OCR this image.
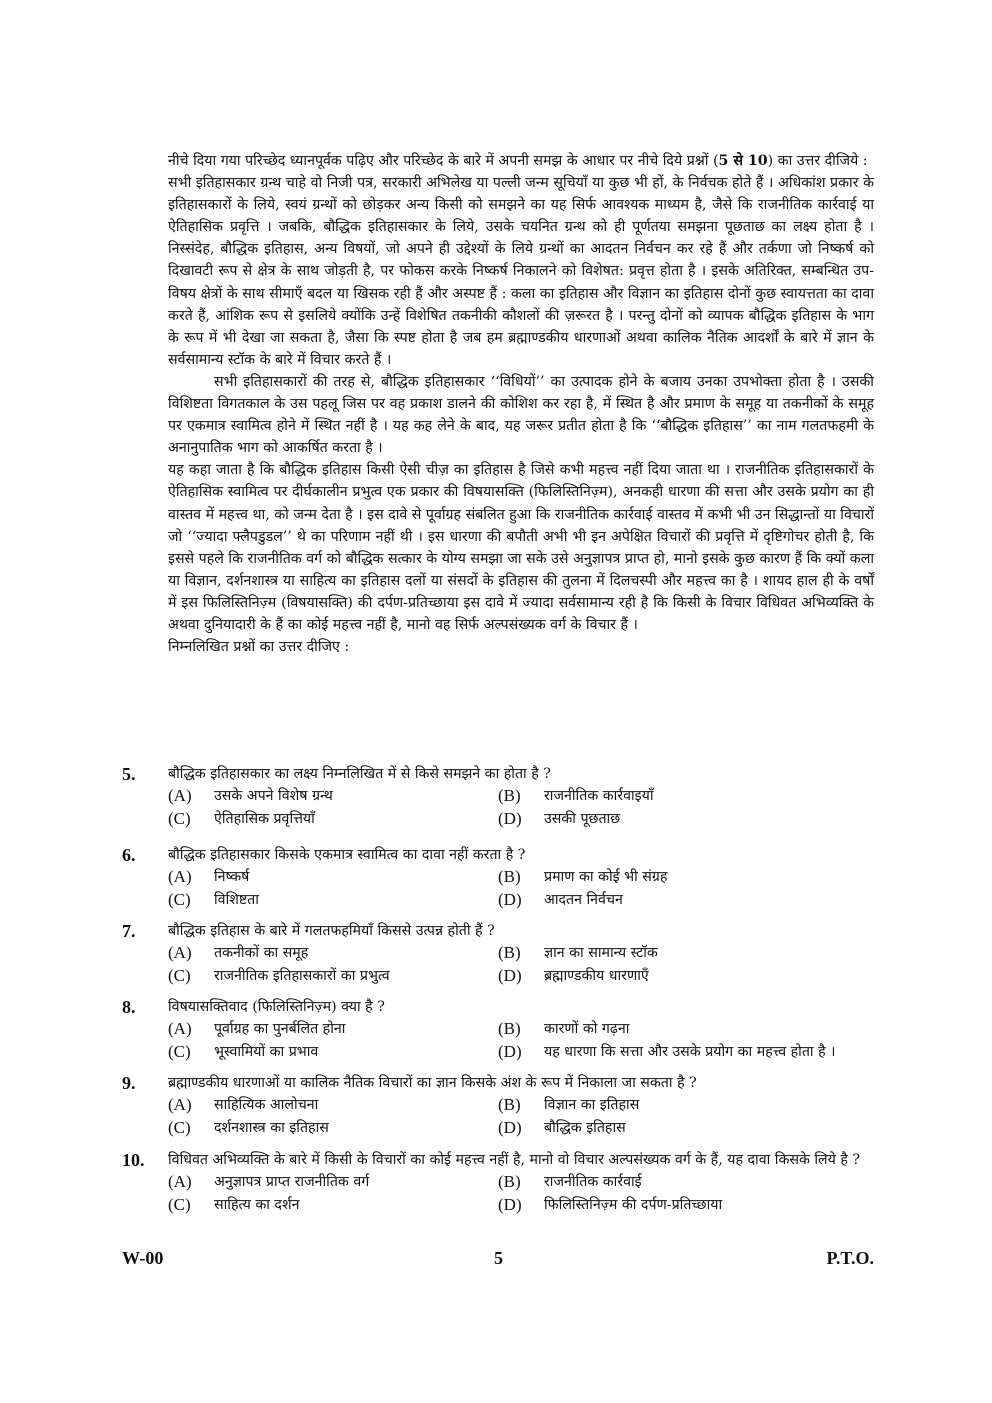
नीचे दिया गया परिच्छेद ध्यानपूर्वक पढ़िए और परिच्छेद के बारे में अपनी समझ के आधार पर नीचे दिये प्रश्नों (5 से 10) का उत्तर दीजिये :

सभी इतिहासकार ग्रन्थ चाहे वो निजी पत्र, सरकारी अभिलेख या पल्ली जन्म सूचियाँ या कुछ भी हों, के निर्वचक होते हैं । अधिकांश प्रकार के इतिहासकारों के लिये, स्वयं ग्रन्थों को छोड़कर अन्य किसी को समझने का यह सिर्फ आवश्यक माध्यम है, जैसे कि राजनीतिक कार्रवाई या ऐतिहासिक प्रवृत्ति । जबकि, बौद्धिक इतिहासकार के लिये, उसके चयनित ग्रन्थ को ही पूर्णतया समझना पूछताछ का लक्ष्य होता है । निस्संदेह, बौद्धिक इतिहास, अन्य विषयों, जो अपने ही उद्देश्यों के लिये ग्रन्थों का आदतन निर्वचन कर रहे हैं और तर्कणा जो निष्कर्ष को दिखावटी रूप से क्षेत्र के साथ जोड़ती है, पर फोकस करके निष्कर्ष निकालने को विशेषत: प्रवृत्त होता है । इसके अतिरिक्त, सम्बन्धित उप-विषय क्षेत्रों के साथ सीमाएँ बदल या खिसक रही हैं और अस्पष्ट हैं : कला का इतिहास और विज्ञान का इतिहास दोनों कुछ स्वायत्तता का दावा करते हैं, आंशिक रूप से इसलिये क्योंकि उन्हें विशेषित तकनीकी कौशलों की ज़रूरत है । परन्तु दोनों को व्यापक बौद्धिक इतिहास के भाग के रूप में भी देखा जा सकता है, जैसा कि स्पष्ट होता है जब हम ब्रह्माण्डकीय धारणाओं अथवा कालिक नैतिक आदर्शों के बारे में ज्ञान के सर्वसामान्य स्टॉक के बारे में विचार करते हैं ।

सभी इतिहासकारों की तरह से, बौद्धिक इतिहासकार ‘‘विधियों’’ का उत्पादक होने के बजाय उनका उपभोक्ता होता है । उसकी विशिष्टता विगतकाल के उस पहलू जिस पर वह प्रकाश डालने की कोशिश कर रहा है, में स्थित है और प्रमाण के समूह या तकनीकों के समूह पर एकमात्र स्वामित्व होने में स्थित नहीं है । यह कह लेने के बाद, यह जरूर प्रतीत होता है कि ‘‘बौद्धिक इतिहास’’ का नाम गलतफहमी के अनानुपातिक भाग को आकर्षित करता है ।

यह कहा जाता है कि बौद्धिक इतिहास किसी ऐसी चीज़ का इतिहास है जिसे कभी महत्त्व नहीं दिया जाता था । राजनीतिक इतिहासकारों के ऐतिहासिक स्वामित्व पर दीर्घकालीन प्रभुत्व एक प्रकार की विषयासक्ति (फिलिस्तिनिज़्म), अनकही धारणा की सत्ता और उसके प्रयोग का ही वास्तव में महत्त्व था, को जन्म देता है । इस दावे से पूर्वाग्रह संबलित हुआ कि राजनीतिक कार्रवाई वास्तव में कभी भी उन सिद्धान्तों या विचारों जो ‘‘ज्यादा फ्लैपडुडल’’ थे का परिणाम नहीं थी । इस धारणा की बपौती अभी भी इन अपेक्षित विचारों की प्रवृत्ति में दृष्टिगोचर होती है, कि इससे पहले कि राजनीतिक वर्ग को बौद्धिक सत्कार के योग्य समझा जा सके उसे अनुज्ञापत्र प्राप्त हो, मानो इसके कुछ कारण हैं कि क्यों कला या विज्ञान, दर्शनशास्त्र या साहित्य का इतिहास दलों या संसदों के इतिहास की तुलना में दिलचस्पी और महत्त्व का है । शायद हाल ही के वर्षों में इस फिलिस्तिनिज़्म (विषयासक्ति) की दर्पण-प्रतिच्छाया इस दावे में ज्यादा सर्वसामान्य रही है कि किसी के विचार विधिवत अभिव्यक्ति के अथवा दुनियादारी के हैं का कोई महत्त्व नहीं है, मानो वह सिर्फ अल्पसंख्यक वर्ग के विचार हैं ।

निम्नलिखित प्रश्नों का उत्तर दीजिए :

5.	बौद्धिक इतिहासकार का लक्ष्य निम्नलिखित में से किसे समझने का होता है ?
(A)	उसके अपने विशेष ग्रन्थ	(B)	राजनीतिक कार्रवाइयाँ
(C)	ऐतिहासिक प्रवृत्तियाँ	(D)	उसकी पूछताछ
6.	बौद्धिक इतिहासकार किसके एकमात्र स्वामित्व का दावा नहीं करता है ?
(A)	निष्कर्ष	(B)	प्रमाण का कोई भी संग्रह
(C)	विशिष्टता	(D)	आदतन निर्वचन
7.	बौद्धिक इतिहास के बारे में गलतफहमियाँ किससे उत्पन्न होती हैं ?
(A)	तकनीकों का समूह	(B)	ज्ञान का सामान्य स्टॉक
(C)	राजनीतिक इतिहासकारों का प्रभुत्व	(D)	ब्रह्माण्डकीय धारणाएँ
8.	विषयासक्तिवाद (फिलिस्तिनिज़्म) क्या है ?
(A)	पूर्वाग्रह का पुनर्बलित होना	(B)	कारणों को गढ़ना
(C)	भूस्वामियों का प्रभाव	(D)	यह धारणा कि सत्ता और उसके प्रयोग का महत्त्व होता है ।
9.	ब्रह्माण्डकीय धारणाओं या कालिक नैतिक विचारों का ज्ञान किसके अंश के रूप में निकाला जा सकता है ?
(A)	साहित्यिक आलोचना	(B)	विज्ञान का इतिहास
(C)	दर्शनशास्त्र का इतिहास	(D)	बौद्धिक इतिहास
10.	विधिवत अभिव्यक्ति के बारे में किसी के विचारों का कोई महत्त्व नहीं है, मानो वो विचार अल्पसंख्यक वर्ग के हैं, यह दावा किसके लिये है ?
(A)	अनुज्ञापत्र प्राप्त राजनीतिक वर्ग	(B)	राजनीतिक कार्रवाई
(C)	साहित्य का दर्शन	(D)	फिलिस्तिनिज़्म की दर्पण-प्रतिच्छाया
W-00	5	P.T.O.
